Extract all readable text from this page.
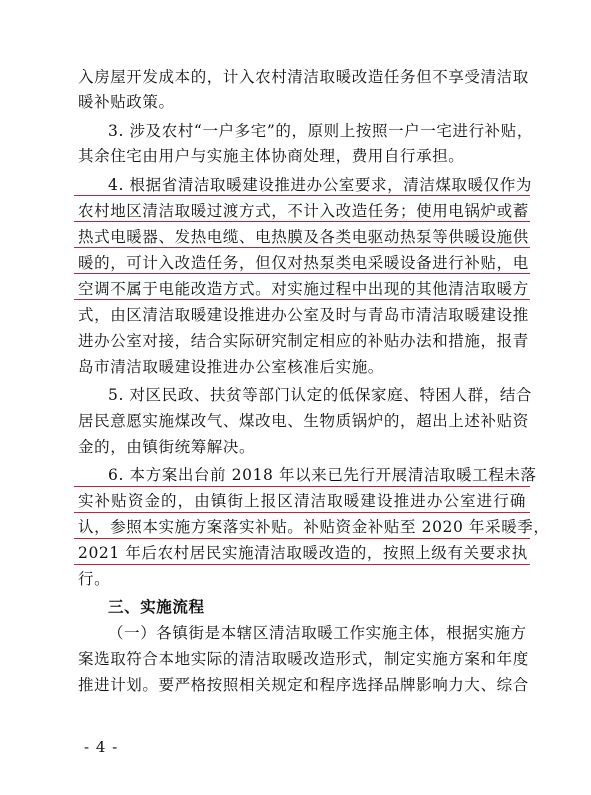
入房屋开发成本的，计入农村清洁取暖改造任务但不享受清洁取
暖补贴政策。
3. 涉及农村“一户多宅”的，原则上按照一户一宅进行补贴，
其余住宅由用户与实施主体协商处理，费用自行承担。
4. 根据省清洁取暖建设推进办公室要求，清洁煤取暖仅作为
农村地区清洁取暖过渡方式，不计入改造任务；使用电锅炉或蓄
热式电暖器、发热电缆、电热膜及各类电驱动热泵等供暖设施供
暖的，可计入改造任务，但仅对热泵类电采暖设备进行补贴，电
空调不属于电能改造方式。对实施过程中出现的其他清洁取暖方
式，由区清洁取暖建设推进办公室及时与青岛市清洁取暖建设推
进办公室对接，结合实际研究制定相应的补贴办法和措施，报青
岛市清洁取暖建设推进办公室核准后实施。
5. 对区民政、扶贫等部门认定的低保家庭、特困人群，结合
居民意愿实施煤改气、煤改电、生物质锅炉的，超出上述补贴资
金的，由镇街统筹解决。
6. 本方案出台前 2018 年以来已先行开展清洁取暖工程未落
实补贴资金的，由镇街上报区清洁取暖建设推进办公室进行确
认，参照本实施方案落实补贴。补贴资金补贴至 2020 年采暖季，
2021 年后农村居民实施清洁取暖改造的，按照上级有关要求执
行。
三、实施流程
（一）各镇街是本辖区清洁取暖工作实施主体，根据实施方
案选取符合本地实际的清洁取暖改造形式，制定实施方案和年度
推进计划。要严格按照相关规定和程序选择品牌影响力大、综合
- 4 -
